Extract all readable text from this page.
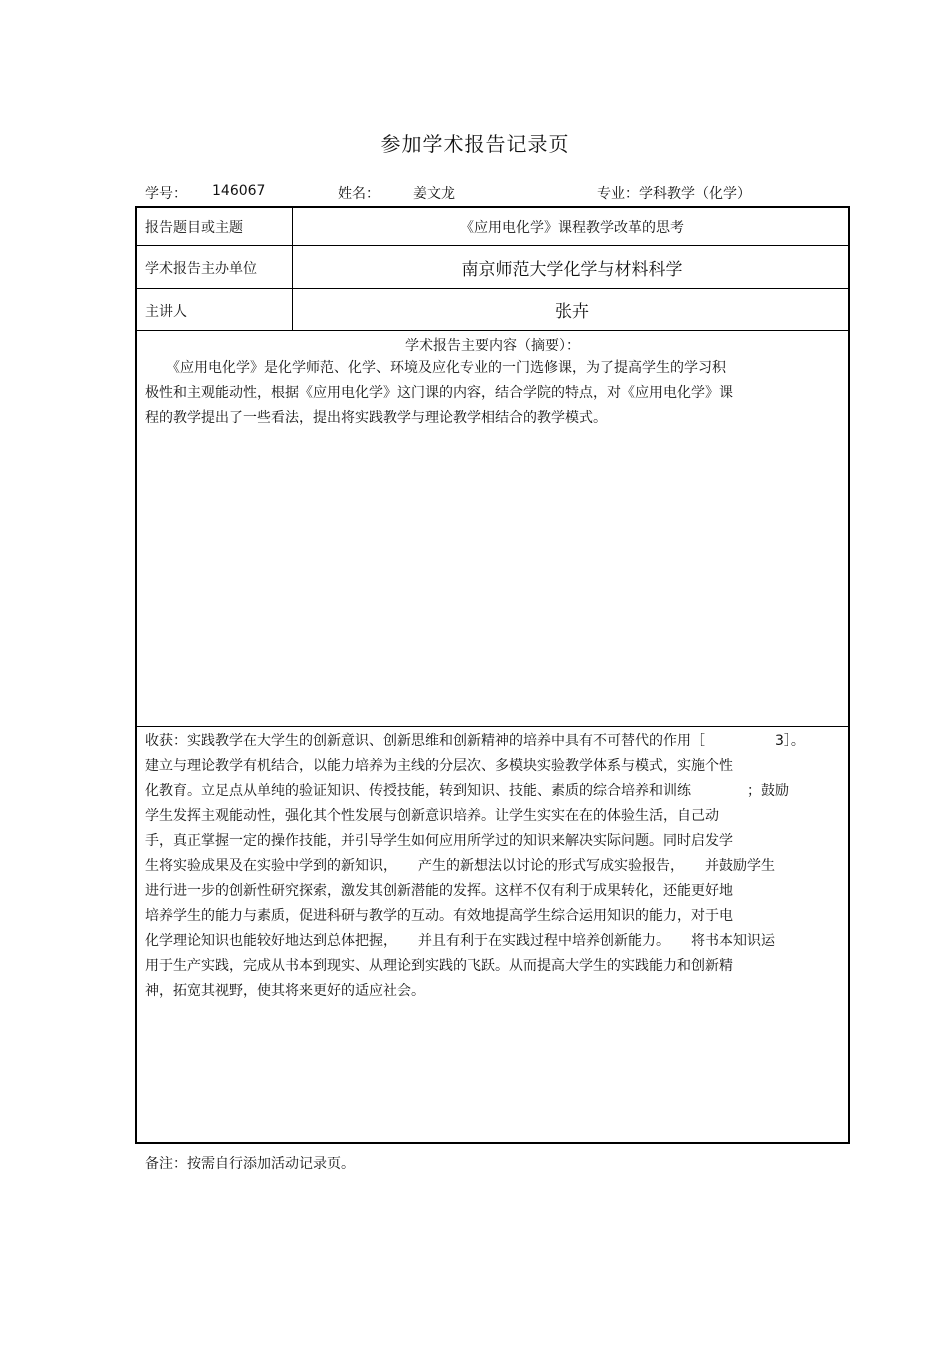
参加学术报告记录页
学号： 146067	姓名： 姜文龙	专业：学科教学（化学）
报告题目或主题	《应用电化学》课程教学改革的思考
学术报告主办单位	南京师范大学化学与材料科学
主讲人	张卉
学术报告主要内容（摘要）：
　　《应用电化学》是化学师范、化学、环境及应化专业的一门选修课，为了提高学生的学习积
极性和主观能动性，根据《应用电化学》这门课的内容，结合学院的特点，对《应用电化学》课
程的教学提出了一些看法，提出将实践教学与理论教学相结合的教学模式。
收获：实践教学在大学生的创新意识、创新思维和创新精神的培养中具有不可替代的作用［　　　　　3］。
建立与理论教学有机结合，以能力培养为主线的分层次、多模块实验教学体系与模式，实施个性
化教育。立足点从单纯的验证知识、传授技能，转到知识、技能、素质的综合培养和训练　　　　；鼓励
学生发挥主观能动性，强化其个性发展与创新意识培养。让学生实实在在的体验生活，自己动
手，真正掌握一定的操作技能，并引导学生如何应用所学过的知识来解决实际问题。同时启发学
生将实验成果及在实验中学到的新知识，　　产生的新想法以讨论的形式写成实验报告，　　并鼓励学生
进行进一步的创新性研究探索，激发其创新潜能的发挥。这样不仅有利于成果转化，还能更好地
培养学生的能力与素质，促进科研与教学的互动。有效地提高学生综合运用知识的能力，对于电
化学理论知识也能较好地达到总体把握，　　并且有利于在实践过程中培养创新能力。　　将书本知识运
用于生产实践，完成从书本到现实、从理论到实践的飞跃。从而提高大学生的实践能力和创新精
神，拓宽其视野，使其将来更好的适应社会。
备注：按需自行添加活动记录页。
